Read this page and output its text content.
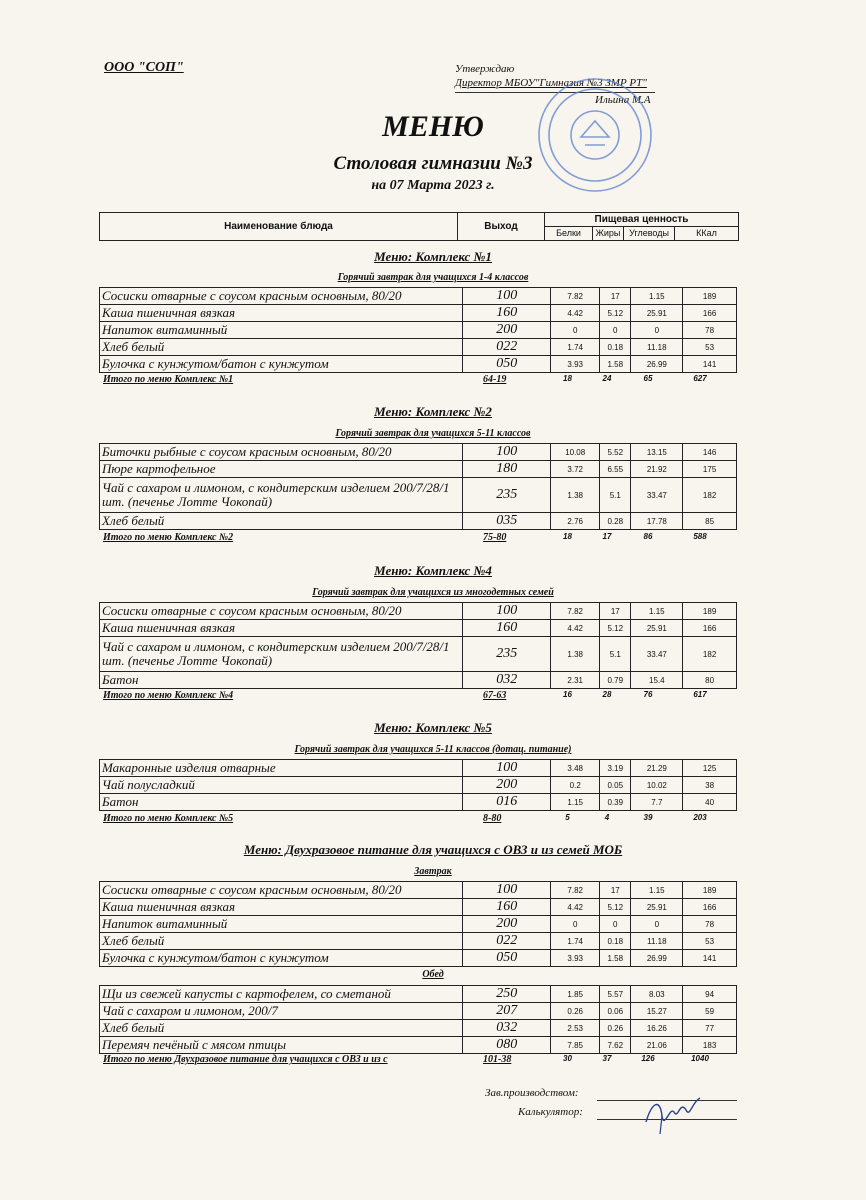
ООО "СОП"	Утверждаю
Директор МБОУ"Гимназия №3 ЗМР РТ"
Ильина М.А
МЕНЮ
Столовая гимназии №3
на 07 Марта 2023 г.
Наименование блюда	Выход
Пищевая ценность
Белки	Жиры Углеводы	ККал
Меню: Комплекс №1
Горячий завтрак для учащихся 1-4 классов
Сосиски отварные с соусом красным основным, 80/20	100	7.82	17	1.15	189
Каша пшеничная вязкая	160	4.42	5.12	25.91	166
Напиток витаминный	200	0	0	0	78
Хлеб белый	022	1.74	0.18	11.18	53
Булочка с кунжутом/батон с кунжутом	050	3.93	1.58	26.99	141
Итого по меню Комплекс №1	64-19	18	24	65	627
Меню: Комплекс №2
Горячий завтрак для учащихся 5-11 классов
Биточки рыбные с соусом красным основным, 80/20	100	10.08	5.52	13.15	146
Пюре картофельное	180	3.72	6.55	21.92	175
Чай с сахаром и лимоном, с кондитерским изделием 200/7/28/1 шт. (печенье Лотте Чокопай)	235	1.38	5.1	33.47	182
Хлеб белый	035	2.76	0.28	17.78	85
Итого по меню Комплекс №2	75-80	18	17	86	588
Меню: Комплекс №4
Горячий завтрак для учащихся из многодетных семей
Сосиски отварные с соусом красным основным, 80/20	100	7.82	17	1.15	189
Каша пшеничная вязкая	160	4.42	5.12	25.91	166
Чай с сахаром и лимоном, с кондитерским изделием 200/7/28/1 шт. (печенье Лотте Чокопай)	235	1.38	5.1	33.47	182
Батон	032	2.31	0.79	15.4	80
Итого по меню Комплекс №4	67-63	16	28	76	617
Меню: Комплекс №5
Горячий завтрак для учащихся 5-11 классов (дотац. питание)
Макаронные изделия отварные	100	3.48	3.19	21.29	125
Чай полусладкий	200	0.2	0.05	10.02	38
Батон	016	1.15	0.39	7.7	40
Итого по меню Комплекс №5	8-80	5	4	39	203
Меню: Двухразовое питание для учащихся с ОВЗ и из семей МОБ
Завтрак
Сосиски отварные с соусом красным основным, 80/20	100	7.82	17	1.15	189
Каша пшеничная вязкая	160	4.42	5.12	25.91	166
Напиток витаминный	200	0	0	0	78
Хлеб белый	022	1.74	0.18	11.18	53
Булочка с кунжутом/батон с кунжутом	050	3.93	1.58	26.99	141
Обед
Щи из свежей капусты с картофелем, со сметаной	250	1.85	5.57	8.03	94
Чай с сахаром и лимоном, 200/7	207	0.26	0.06	15.27	59
Хлеб белый	032	2.53	0.26	16.26	77
Перемяч печёный с мясом птицы	080	7.85	7.62	21.06	183
Итого по меню Двухразовое питание для учащихся с ОВЗ и из с	101-38	30	37	126	1040
Зав.производством:
Калькулятор:
